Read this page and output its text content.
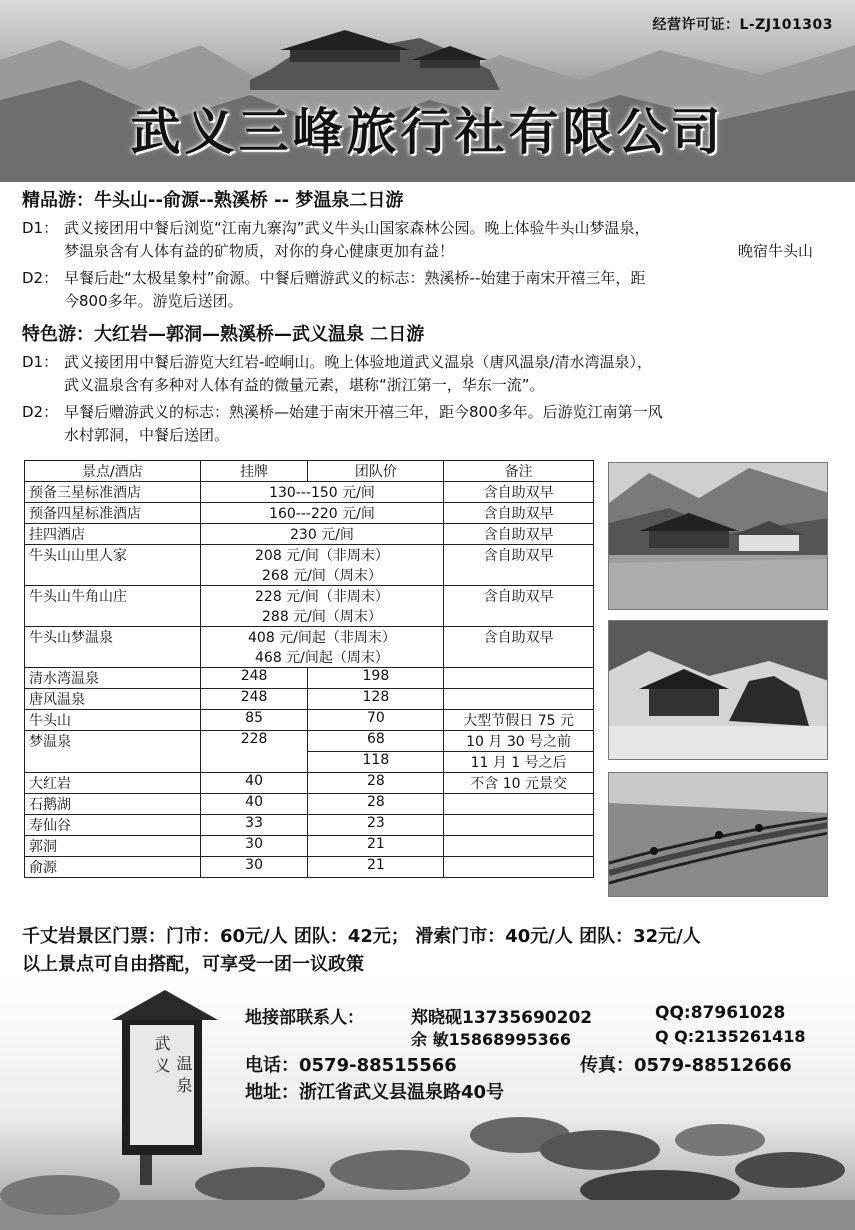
经营许可证：L-ZJ101303
武义三峰旅行社有限公司
精品游：牛头山--俞源--熟溪桥 -- 梦温泉二日游
D1： 武义接团用中餐后浏览“江南九寨沟”武义牛头山国家森林公园。晚上体验牛头山梦温泉，
梦温泉含有人体有益的矿物质，对你的身心健康更加有益！	晚宿牛头山
D2： 早餐后赴“太极星象村”俞源。中餐后赠游武义的标志：熟溪桥--始建于南宋开禧三年，距
今800多年。游览后送团。
特色游：大红岩—郭洞—熟溪桥—武义温泉 二日游
D1： 武义接团用中餐后游览大红岩-崆峒山。晚上体验地道武义温泉（唐风温泉/清水湾温泉），
武义温泉含有多种对人体有益的微量元素，堪称“浙江第一，华东一流”。
D2： 早餐后赠游武义的标志：熟溪桥—始建于南宋开禧三年，距今800多年。后游览江南第一风
水村郭洞，中餐后送团。
景点/酒店	挂牌	团队价	备注
预备三星标准酒店	130---150 元/间		含自助双早
预备四星标准酒店	160---220 元/间		含自助双早
挂四酒店	230 元/间		含自助双早
牛头山山里人家	208 元/间（非周末）
268 元/间（周末）		含自助双早
牛头山牛角山庄	228 元/间（非周末）
288 元/间（周末）		含自助双早
牛头山梦温泉	408 元/间起（非周末）
468 元/间起（周末）		含自助双早
清水湾温泉	248	198	
唐风温泉	248	128	
牛头山	85	70	大型节假日 75 元
梦温泉	228	68	10 月 30 号之前
		118	11 月 1 号之后
大红岩	40	28	不含 10 元景交
石鹅湖	40	28	
寿仙谷	33	23	
郭洞	30	21	
俞源	30	21	
千丈岩景区门票：门市：60元/人 团队：42元； 滑索门市：40元/人 团队：32元/人
以上景点可自由搭配，可享受一团一议政策
武义 温泉
地接部联系人：	郑晓砚13735690202	QQ:87961028
余 敏15868995366	Q Q:2135261418
电话：0579-88515566	传真：0579-88512666
地址：浙江省武义县温泉路40号
